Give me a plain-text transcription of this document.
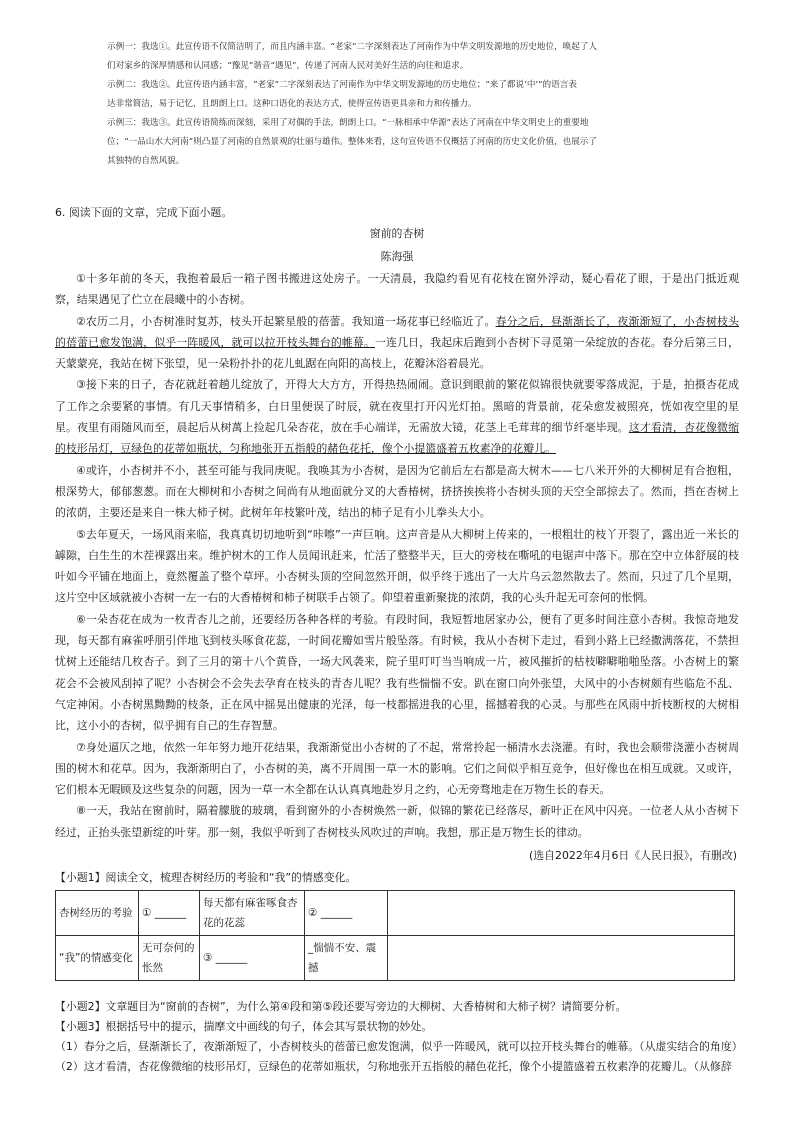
示例一：我选①。此宣传语不仅简洁明了，而且内涵丰富。“老家”二字深刻表达了河南作为中华文明发源地的历史地位，唤起了人

们对家乡的深厚情感和认同感；“豫见”谐音“遇见”，传递了河南人民对美好生活的向往和追求。

示例二：我选②。此宣传语内涵丰富，“老家”二字深刻表达了河南作为中华文明发源地的历史地位；“来了都说‘中’”的语言表

达非常简洁，易于记忆，且朗朗上口。这种口语化的表达方式，使得宣传语更具亲和力和传播力。

示例三：我选③。此宣传语简练而深刻，采用了对偶的手法，朗朗上口。“一脉相承中华源”表达了河南在中华文明史上的重要地

位；“一品山水大河南”则凸显了河南的自然景观的壮丽与雄伟。整体来看，这句宣传语不仅概括了河南的历史文化价值，也展示了

其独特的自然风貌。

6. 阅读下面的文章，完成下面小题。

窗前的杏树

陈海强

①十多年前的冬天，我抱着最后一箱子图书搬进这处房子。一天清晨，我隐约看见有花枝在窗外浮动，疑心看花了眼，于是出门抵近观察，结果遇见了伫立在晨曦中的小杏树。

②农历二月，小杏树准时复苏，枝头开起繁星般的蓓蕾。我知道一场花事已经临近了。春分之后，昼渐渐长了，夜渐渐短了，小杏树枝头的蓓蕾已愈发饱满，似乎一阵暖风，就可以拉开枝头舞台的帷幕。一连几日，我起床后跑到小杏树下寻觅第一朵绽放的杏花。春分后第三日，天蒙蒙亮，我站在树下张望，见一朵粉扑扑的花儿虬踞在向阳的高枝上，花瓣沐浴着晨光。

③接下来的日子，杏花就赶着趟儿绽放了，开得大大方方，开得热热闹闹。意识到眼前的繁花似锦很快就要零落成泥，于是，拍摄杏花成了工作之余要紧的事情。有几天事情稍多，白日里便误了时辰，就在夜里打开闪光灯拍。黑暗的背景前，花朵愈发被照亮，恍如夜空里的星星。夜里有雨随风而至，晨起后从树萬上捡起几朵杏花，放在手心端详，无需放大镜，花茎上毛茸茸的细节纤毫毕现。这才看清，杏花像微缩的枝形吊灯，豆绿色的花蒂如瓶状，匀称地张开五指般的赭色花托，像个小提篮盛着五枚素净的花瓣儿。

④或许，小杏树并不小，甚至可能与我同庚呢。我唤其为小杏树，是因为它前后左右都是高大树木——七八米开外的大柳树足有合抱粗，根深势大，郁郁葱葱。而在大柳树和小杏树之间尚有从地面就分叉的大香椿树，挤挤挨挨将小杏树头顶的天空全部掠去了。然而，挡在杏树上的浓荫，主要还是来自一株大柿子树。此树年年枝繁叶茂，结出的柿子足有小儿拳头大小。

⑤去年夏天，一场风雨来临，我真真切切地听到“咔嚓”一声巨响。这声音是从大柳树上传来的，一根粗壮的枝丫开裂了，露出近一米长的罅隙，白生生的木茬裸露出来。维护树木的工作人员闻讯赶来，忙活了整整半天，巨大的旁枝在嘶吼的电锯声中落下。那在空中立体舒展的枝叶如今平铺在地面上，竟然覆盖了整个草坪。小杏树头顶的空间忽然开朗，似乎终于逃出了一大片乌云忽然散去了。然而，只过了几个星期，这片空中区域就被小杏树一左一右的大香椿树和柿子树联手占领了。仰望着重新聚拢的浓荫，我的心头升起无可奈何的怅惘。

⑥一朵杏花在成为一枚青杏儿之前，还要经历各种各样的考验。有段时间，我短暂地居家办公，便有了更多时间注意小杏树。我惊奇地发现，每天都有麻雀呼朋引伴地飞到枝头啄食花蕊，一时间花瓣如雪片般坠落。有时候，我从小杏树下走过，看到小路上已经撒满落花，不禁担忧树上还能结几枚杏子。到了三月的第十八个黄昏，一场大风袭来，院子里叮叮当当响成一片，被风摧折的枯枝噼噼啪啪坠落。小杏树上的繁花会不会被风刮掉了呢？小杏树会不会失去孕育在枝头的青杏儿呢？我有些惴惴不安。趴在窗口向外张望，大风中的小杏树颇有些临危不乱、气定神闲。小杏树黑黝黝的枝条，正在风中摇晃出健康的光泽，每一枝都摇进我的心里，摇撼着我的心灵。与那些在风雨中折枝断杈的大树相比，这小小的杏树，似乎拥有自己的生存智慧。

⑦身处逼仄之地，依然一年年努力地开花结果，我渐渐觉出小杏树的了不起，常常拎起一桶清水去浇灌。有时，我也会顺带浇灌小杏树周围的树木和花草。因为，我渐渐明白了，小杏树的美，离不开周围一草一木的影响。它们之间似乎相互竞争，但好像也在相互成就。又或许，它们根本无暇顾及这些复杂的问题，因为一草一木全都在认认真真地赴岁月之约，心无旁骛地走在万物生长的春天。

⑧一天，我站在窗前时，隔着朦胧的玻璃，看到窗外的小杏树焕然一新，似锦的繁花已经落尽，新叶正在风中闪亮。一位老人从小杏树下经过，正抬头张望新绽的叶芽。那一刻，我似乎听到了杏树枝头风吹过的声响。我想，那正是万物生长的律动。

(选自2022年4月6日《人民日报》，有删改)

【小题1】阅读全文，梳理杏树经历的考验和“我”的情感变化。

杏树经历的考验	① ______	每天都有麻雀啄食杏花的花蕊	② ______	
“我”的情感变化	无可奈何的怅然	③ ______	_惴惴不安、震撼	

【小题2】文章题目为“窗前的杏树”，为什么第④段和第⑤段还要写旁边的大柳树、大香椿树和大柿子树？请简要分析。

【小题3】根据括号中的提示，揣摩文中画线的句子，体会其写景状物的妙处。

（1）春分之后，昼渐渐长了，夜渐渐短了，小杏树枝头的蓓蕾已愈发饱满，似乎一阵暖风，就可以拉开枝头舞台的帷幕。（从虚实结合的角度）

（2）这才看清，杏花像微缩的枝形吊灯，豆绿色的花蒂如瓶状，匀称地张开五指般的赭色花托，像个小提篮盛着五枚素净的花瓣儿。（从修辞
